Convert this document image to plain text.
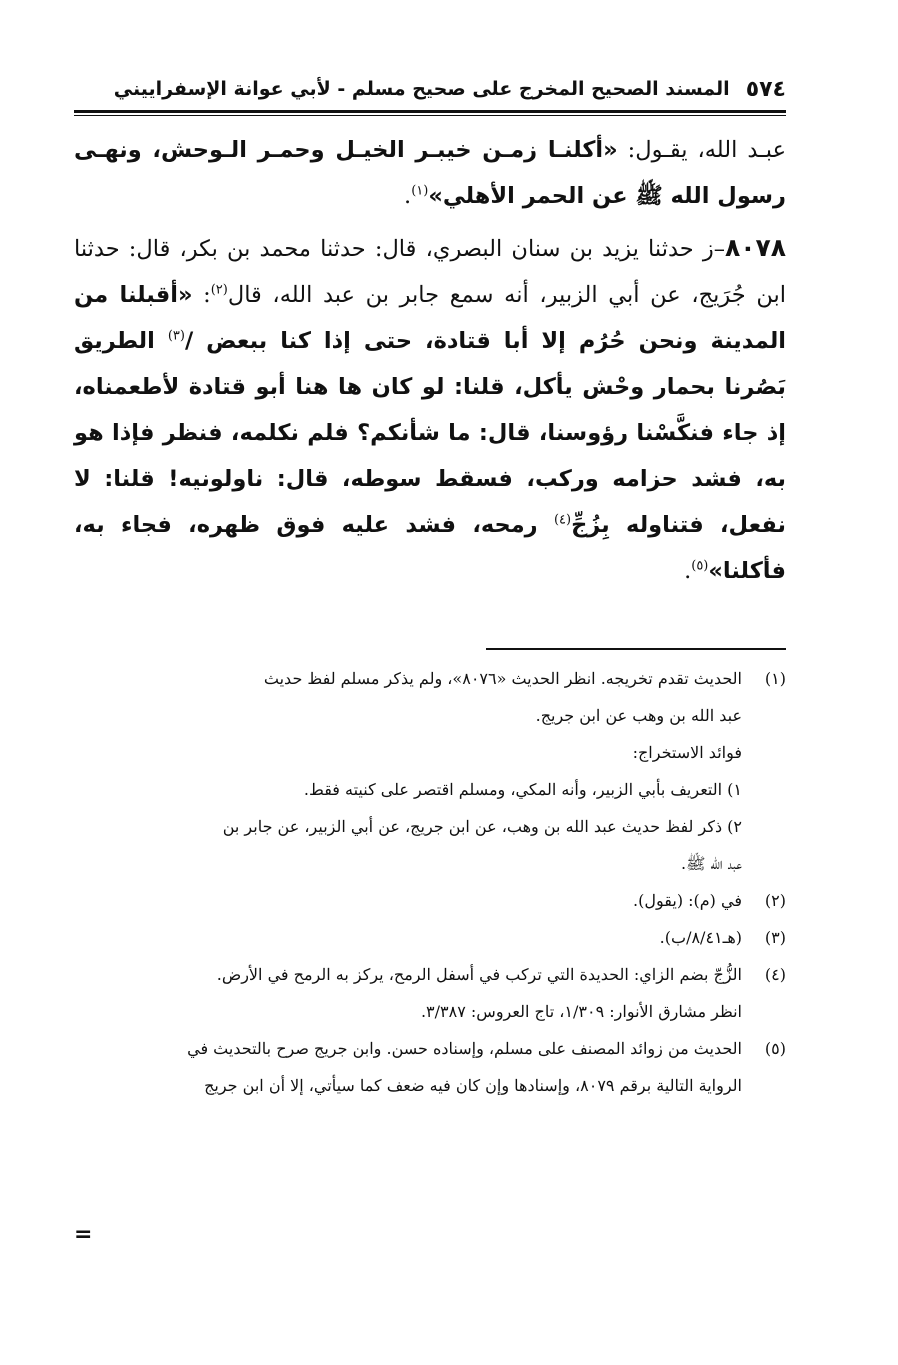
٥٧٤
المسند الصحيح المخرج على صحيح مسلم - لأبي عوانة الإسفراييني

عبـد الله، يقـول: «أكلنـا زمـن خيبـر الخيـل وحمـر الـوحش، ونهـى رسول الله ﷺ عن الحمر الأهلي»$^{(١)}$.

٨٠٧٨–ز حدثنا يزيد بن سنان البصري، قال: حدثنا محمد بن بكر، قال: حدثنا ابن جُرَيج، عن أبي الزبير، أنه سمع جابر بن عبد الله، قال$^{(٢)}$: «أقبلنا من المدينة ونحن حُرُم إلا أبا قتادة، حتى إذا كنا ببعض /$^{(٣)}$ الطريق بَصُرنا بحمار وحْش يأكل، قلنا: لو كان ها هنا أبو قتادة لأطعمناه، إذ جاء فنكَّسْنا رؤوسنا، قال: ما شأنكم؟ فلم نكلمه، فنظر فإذا هو به، فشد حزامه وركب، فسقط سوطه، قال: ناولونيه! قلنا: لا نفعل، فتناوله بِزُجِّ$^{(٤)}$ رمحه، فشد عليه فوق ظهره، فجاء به، فأكلنا»$^{(٥)}$.

(١)
الحديث تقدم تخريجه. انظر الحديث «٨٠٧٦»، ولم يذكر مسلم لفظ حديث
عبد الله بن وهب عن ابن جريج.
فوائد الاستخراج:
١) التعريف بأبي الزبير، وأنه المكي، ومسلم اقتصر على كنيته فقط.
٢) ذكر لفظ حديث عبد الله بن وهب، عن ابن جريج، عن أبي الزبير، عن جابر بن
عبد الله ﷺ.
(٢)
في (م): (يقول).
(٣)
(هـ٨/٤١/ب).
(٤)
الزُّجّ بضم الزاي: الحديدة التي تركب في أسفل الرمح، يركز به الرمح في الأرض.
انظر مشارق الأنوار: ١/٣٠٩، تاج العروس: ٣/٣٨٧.
(٥)
الحديث من زوائد المصنف على مسلم، وإسناده حسن. وابن جريج صرح بالتحديث في
الرواية التالية برقم ٨٠٧٩، وإسنادها وإن كان فيه ضعف كما سيأتي، إلا أن ابن جريج
=
